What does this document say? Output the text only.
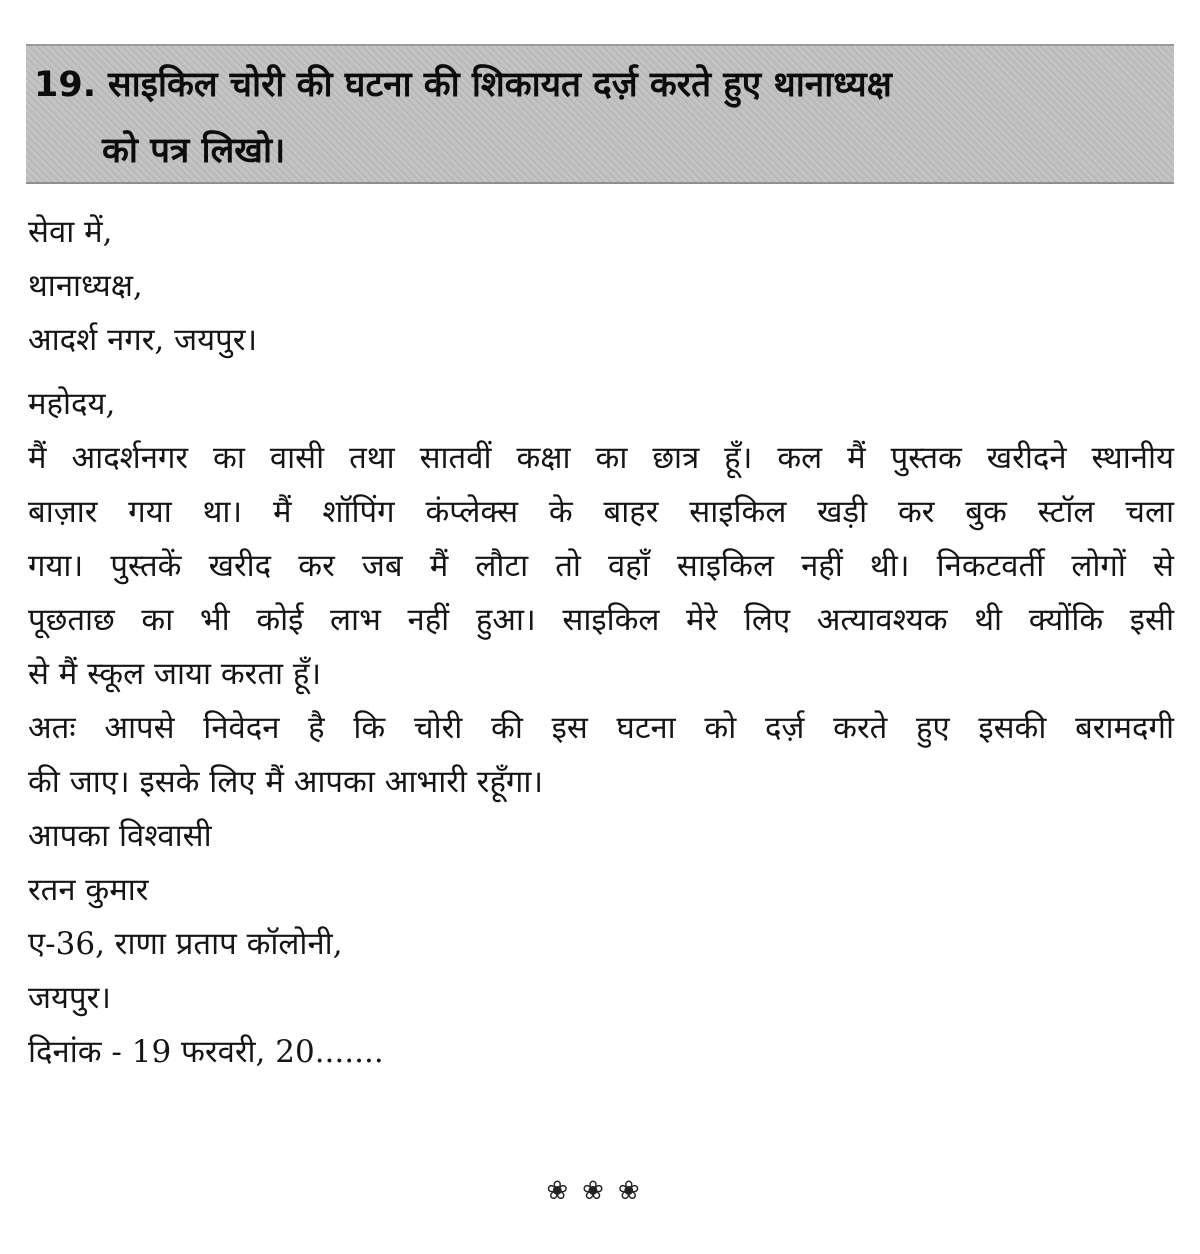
19. साइकिल चोरी की घटना की शिकायत दर्ज़ करते हुए थानाध्यक्ष
को पत्र लिखो।
सेवा में,
थानाध्यक्ष,
आदर्श नगर, जयपुर।
महोदय,
मैं आदर्शनगर का वासी तथा सातवीं कक्षा का छात्र हूँ। कल मैं पुस्तक खरीदने स्थानीय
बाज़ार गया था। मैं शॉपिंग कंप्लेक्स के बाहर साइकिल खड़ी कर बुक स्टॉल चला
गया। पुस्तकें खरीद कर जब मैं लौटा तो वहाँ साइकिल नहीं थी। निकटवर्ती लोगों से
पूछताछ का भी कोई लाभ नहीं हुआ। साइकिल मेरे लिए अत्यावश्यक थी क्योंकि इसी
से मैं स्कूल जाया करता हूँ।
अतः आपसे निवेदन है कि चोरी की इस घटना को दर्ज़ करते हुए इसकी बरामदगी
की जाए। इसके लिए मैं आपका आभारी रहूँगा।
आपका विश्वासी
रतन कुमार
ए-36, राणा प्रताप कॉलोनी,
जयपुर।
दिनांक - 19 फरवरी, 20.......
❀❀❀
